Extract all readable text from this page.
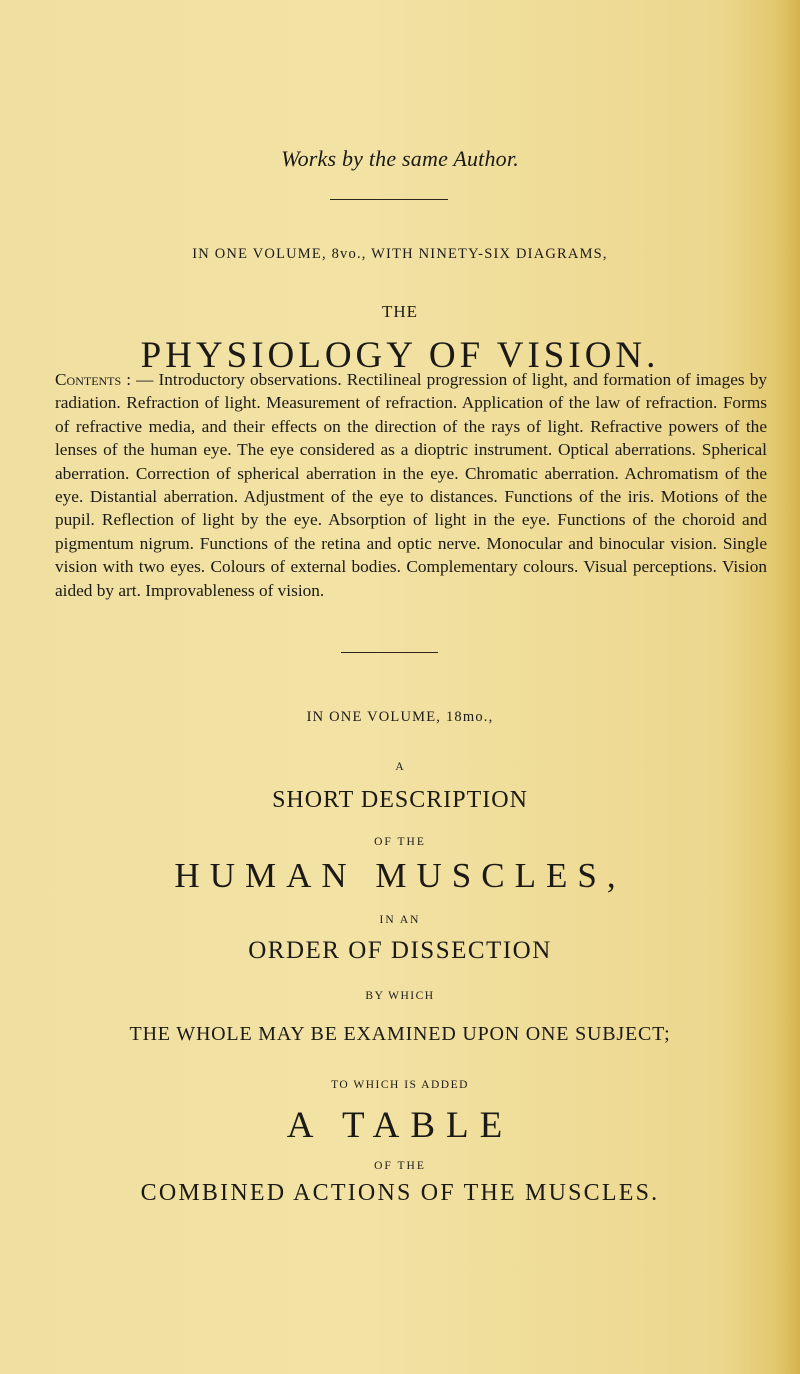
Works by the same Author.
IN ONE VOLUME, 8vo., WITH NINETY-SIX DIAGRAMS,
THE
PHYSIOLOGY OF VISION.
Contents : — Introductory observations. Rectilineal progression of light, and formation of images by radiation. Refraction of light. Measurement of refraction. Application of the law of refraction. Forms of refractive media, and their effects on the direction of the rays of light. Refractive powers of the lenses of the human eye. The eye considered as a dioptric instrument. Optical aberrations. Spherical aberration. Correction of spherical aberration in the eye. Chromatic aberration. Achromatism of the eye. Distantial aberration. Adjustment of the eye to distances. Functions of the iris. Motions of the pupil. Reflection of light by the eye. Absorption of light in the eye. Functions of the choroid and pigmentum nigrum. Functions of the retina and optic nerve. Monocular and binocular vision. Single vision with two eyes. Colours of external bodies. Complementary colours. Visual perceptions. Vision aided by art. Improvableness of vision.
IN ONE VOLUME, 18mo.,
A
SHORT DESCRIPTION
OF THE
HUMAN MUSCLES,
IN AN
ORDER OF DISSECTION
BY WHICH
THE WHOLE MAY BE EXAMINED UPON ONE SUBJECT;
TO WHICH IS ADDED
A TABLE
OF THE
COMBINED ACTIONS OF THE MUSCLES.
